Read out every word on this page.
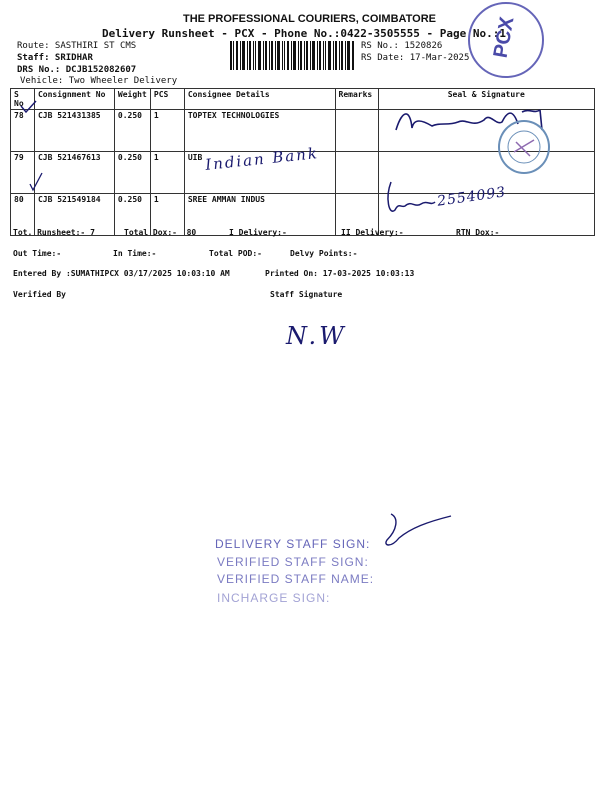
THE PROFESSIONAL COURIERS, COIMBATORE
Delivery Runsheet - PCX - Phone No.:0422-3505555 - Page No.:1
Route: SASTHIRI ST CMS
Staff: SRIDHAR
DRS No.: DCJB152082607
Vehicle: Two Wheeler Delivery
RS No.: 1520826
RS Date: 17-Mar-2025 PCX
S No	Consignment No	Weight	PCS	Consignee Details	Remarks	Seal & Signature
78	CJB 521431385	0.250	1	TOPTEX TECHNOLOGIES		
79	CJB 521467613	0.250	1	UIB		
80	CJB 521549184	0.250	1	SREE AMMAN INDUS		
Indian Bank
2554093
Tot. Runsheet:- 7	Total Dox:-  80	I Delivery:-	II Delivery:-	RTN Dox:-
Out Time:-	In Time:-	Total POD:-	Delvy Points:-
Entered By :SUMATHIPCX 03/17/2025 10:03:10 AM	Printed On: 17-03-2025 10:03:13
Verified By	Staff Signature
N.W
DELIVERY STAFF SIGN:
VERIFIED STAFF SIGN:
VERIFIED STAFF NAME:
INCHARGE SIGN:
